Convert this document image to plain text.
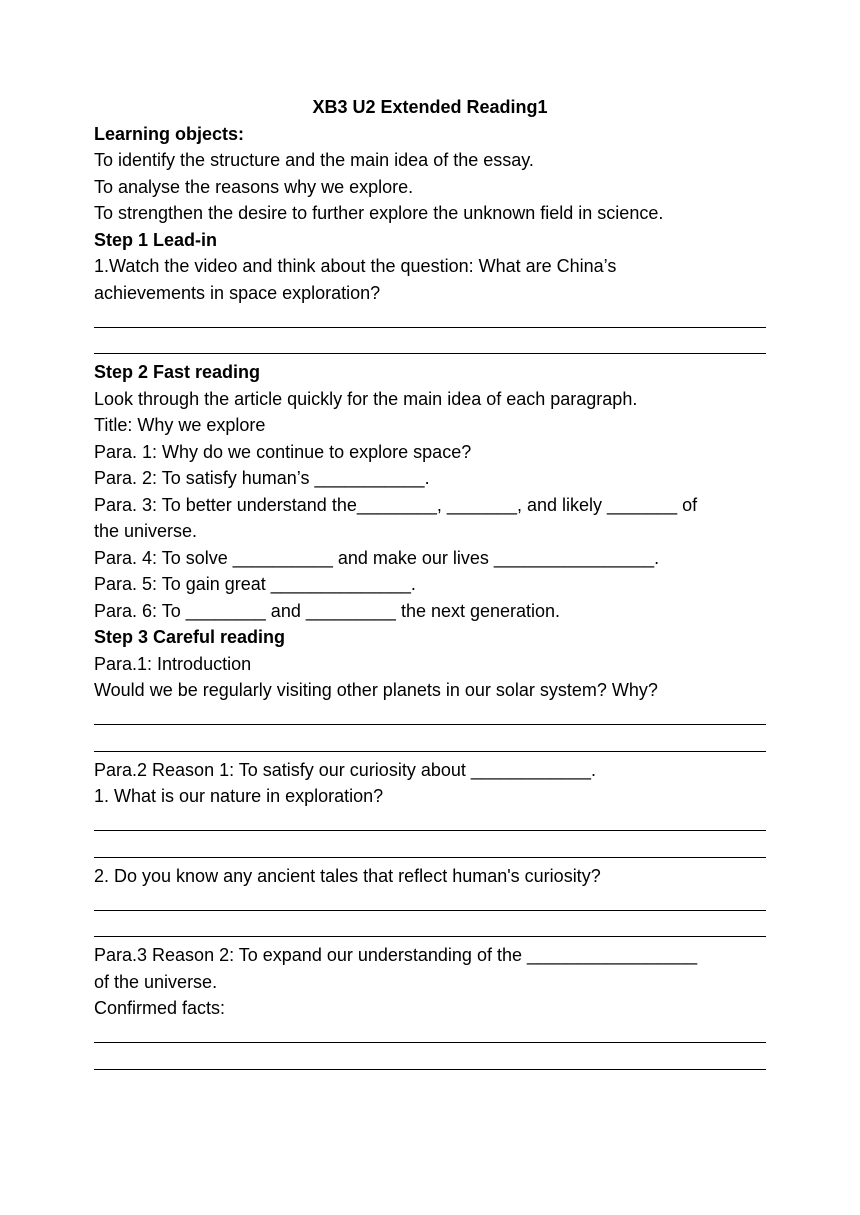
XB3 U2 Extended Reading1
Learning objects:
To identify the structure and the main idea of the essay.
To analyse the reasons why we explore.
To strengthen the desire to further explore the unknown field in science.
Step 1 Lead-in
1.Watch the video and think about the question: What are China’s
achievements in space exploration?
Step 2 Fast reading
Look through the article quickly for the main idea of each paragraph.
Title: Why we explore
Para. 1: Why do we continue to explore space?
Para. 2: To satisfy human’s ___________.
Para. 3: To better understand the________, _______, and likely _______ of
the universe.
Para. 4: To solve __________ and make our lives ________________.
Para. 5: To gain great ______________.
Para. 6: To ________ and _________ the next generation.
Step 3 Careful reading
Para.1: Introduction
Would we be regularly visiting other planets in our solar system? Why?
Para.2 Reason 1: To satisfy our curiosity about ____________.
1. What is our nature in exploration?
2. Do you know any ancient tales that reflect human's curiosity?
Para.3 Reason 2: To expand our understanding of the _________________
of the universe.
Confirmed facts:
